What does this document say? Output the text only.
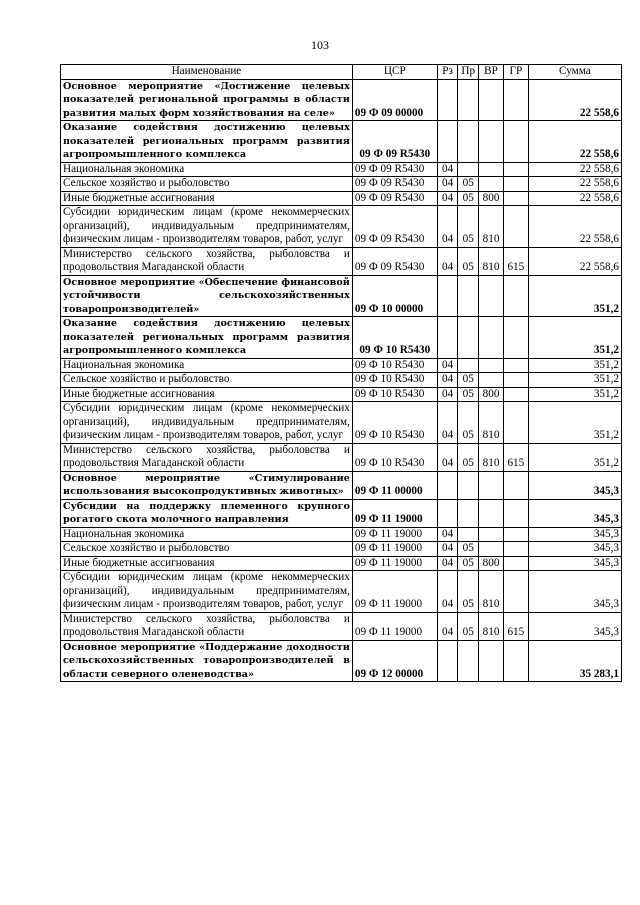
103
Наименование	ЦСР	Рз	Пр	ВР	ГР	Сумма
Основное мероприятие «Достижение целевых показателей региональной программы в области развития малых форм хозяйствования на селе»	09 Ф 09 00000					22 558,6
Оказание содействия достижению целевых показателей региональных программ развития агропромышленного комплекса	09 Ф 09 R5430					22 558,6
Национальная экономика	09 Ф 09 R5430	04				22 558,6
Сельское хозяйство и рыболовство	09 Ф 09 R5430	04	05			22 558,6
Иные бюджетные ассигнования	09 Ф 09 R5430	04	05	800		22 558,6
Субсидии юридическим лицам (кроме некоммерческих организаций), индивидуальным предпринимателям, физическим лицам - производителям товаров, работ, услуг	09 Ф 09 R5430	04	05	810		22 558,6
Министерство сельского хозяйства, рыболовства и продовольствия Магаданской области	09 Ф 09 R5430	04	05	810	615	22 558,6
Основное мероприятие «Обеспечение финансовой устойчивости сельскохозяйственных товаропроизводителей»	09 Ф 10 00000					351,2
Оказание содействия достижению целевых показателей региональных программ развития агропромышленного комплекса	09 Ф 10 R5430					351,2
Национальная экономика	09 Ф 10 R5430	04				351,2
Сельское хозяйство и рыболовство	09 Ф 10 R5430	04	05			351,2
Иные бюджетные ассигнования	09 Ф 10 R5430	04	05	800		351,2
Субсидии юридическим лицам (кроме некоммерческих организаций), индивидуальным предпринимателям, физическим лицам - производителям товаров, работ, услуг	09 Ф 10 R5430	04	05	810		351,2
Министерство сельского хозяйства, рыболовства и продовольствия Магаданской области	09 Ф 10 R5430	04	05	810	615	351,2
Основное мероприятие «Стимулирование использования высокопродуктивных животных»	09 Ф 11 00000					345,3
Субсидии на поддержку племенного крупного рогатого скота молочного направления	09 Ф 11 19000					345,3
Национальная экономика	09 Ф 11 19000	04				345,3
Сельское хозяйство и рыболовство	09 Ф 11 19000	04	05			345,3
Иные бюджетные ассигнования	09 Ф 11 19000	04	05	800		345,3
Субсидии юридическим лицам (кроме некоммерческих организаций), индивидуальным предпринимателям, физическим лицам - производителям товаров, работ, услуг	09 Ф 11 19000	04	05	810		345,3
Министерство сельского хозяйства, рыболовства и продовольствия Магаданской области	09 Ф 11 19000	04	05	810	615	345,3
Основное мероприятие «Поддержание доходности сельскохозяйственных товаропроизводителей в области северного оленеводства»	09 Ф 12 00000					35 283,1
